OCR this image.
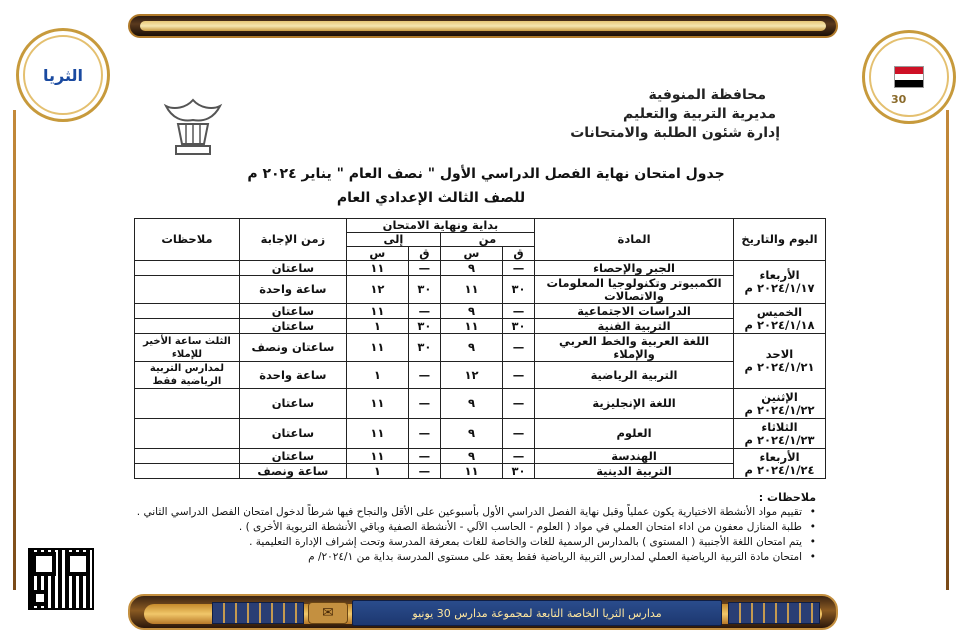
الثريا
30
محافظة المنوفية
مديرية التربية والتعليم
إدارة شئون الطلبة والامتحانات
جدول امتحان نهاية الفصل الدراسي الأول " نصف العام " يناير ٢٠٢٤ م
للصف الثالث الإعدادي العام
اليوم والتاريخ	المادة	بداية ونهاية الامتحان				زمن الإجابة	ملاحظات
		من		إلى			
		ق	س	ق	س		
الأربعاء
٢٠٢٤/١/١٧ م	الجبر والإحصاء	—	٩	—	١١	ساعتان	
	الكمبيوتر وتكنولوجيا المعلومات والاتصالات	٣٠	١١	٣٠	١٢	ساعة واحدة	
الخميس
٢٠٢٤/١/١٨ م	الدراسات الاجتماعية	—	٩	—	١١	ساعتان	
	التربية الفنية	٣٠	١١	٣٠	١	ساعتان	
الاحد
٢٠٢٤/١/٢١ م	اللغة العربية والخط العربي والإملاء	—	٩	٣٠	١١	ساعتان ونصف	الثلث ساعة الأخير للإملاء
	التربية الرياضية	—	١٢	—	١	ساعة واحدة	لمدارس التربية الرياضية فقط
الإثنين
٢٠٢٤/١/٢٢ م	اللغة الإنجليزية	—	٩	—	١١	ساعتان	
الثلاثاء
٢٠٢٤/١/٢٣ م	العلوم	—	٩	—	١١	ساعتان	
الأربعاء
٢٠٢٤/١/٢٤ م	الهندسة	—	٩	—	١١	ساعتان	
	التربية الدينية	٣٠	١١	—	١	ساعة ونصف	
ملاحظات :
• تقييم مواد الأنشطة الاختيارية يكون عملياً وقبل نهاية الفصل الدراسي الأول بأسبوعين على الأقل والنجاح فيها شرطاً لدخول امتحان الفصل الدراسي الثاني .
• طلبة المنازل معفون من اداء امتحان العملي في مواد ( العلوم - الحاسب الآلي - الأنشطة الصفية وباقي الأنشطة التربوية الأخرى ) .
• يتم امتحان اللغة الأجنبية ( المستوى ) بالمدارس الرسمية للغات والخاصة للغات بمعرفة المدرسة وتحت إشراف الإدارة التعليمية .
• امتحان مادة التربية الرياضية العملي لمدارس التربية الرياضية فقط يعقد على مستوى المدرسة بداية من ٢٠٢٤/١/ م
✉	مدارس الثريا الخاصة التابعة لمجموعة مدارس 30 يونيو
